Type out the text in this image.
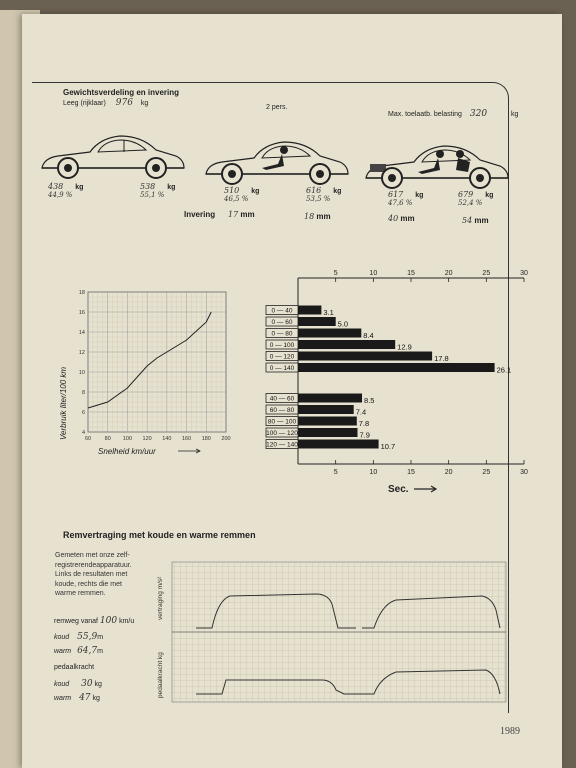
Gewichtsverdeling en invering
Leeg (rijklaar) 976 kg
2 pers.
Max. toelaatb. belasting 320	kg
438 kg
44,9 %
538 kg
55,1 %	510 kg
46,5 %
616 kg
53,5 %	617 kg
47,6 %
679 kg
52,4 %
Invering 17 mm	18 mm	40 mm	54 mm
60 80 100 120 140 160 180 200
4
6
8
10
12
14
16
18
Snelheid km/uur
Verbruik liter/100 km
5
5
10
10
15
15
20
20
25
25
30
30
0 — 40	3.1
0 — 60	5.0
0 — 80	8.4
0 — 100	12.9
0 — 120	17.8
0 — 140	26.1
40 — 60	8.5
60 — 80	7.4
80 — 100	7.8
100 — 120	7.9
120 — 140	10.7
Sec.
Remvertraging met koude en warme remmen
Gemeten met onze zelf-
registrerendeapparatuur.
Links de resultaten met
koude, rechts die met
warme remmen.
remweg vanaf 100 km/u
koud 55,9m
warm 64,7m
pedaalkracht
koud 30 kg
warm 47 kg
vertraging m/s²
pedaalkracht kg
1989
